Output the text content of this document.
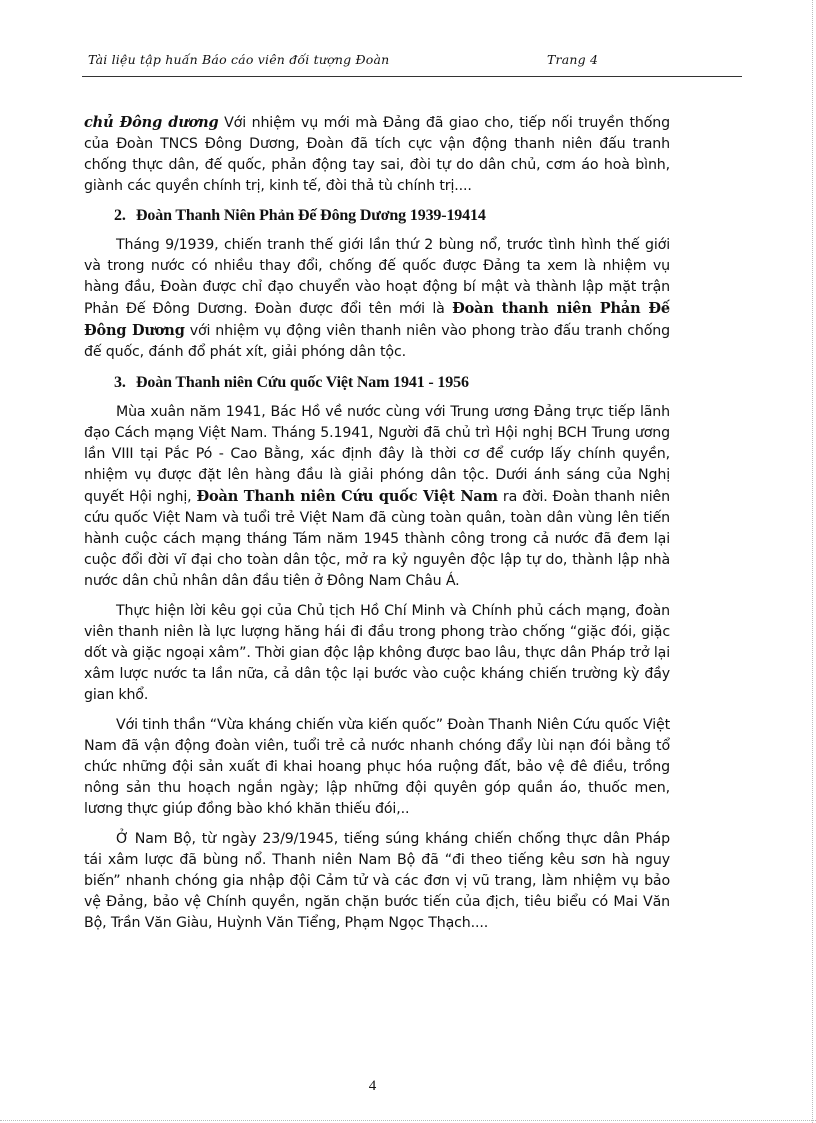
Tài liệu tập huấn Báo cáo viên đối tượng Đoàn	Trang 4

chủ Đông dương Với nhiệm vụ mới mà Đảng đã giao cho, tiếp nối truyền thống của Đoàn TNCS Đông Dương, Đoàn đã tích cực vận động thanh niên đấu tranh chống thực dân, đế quốc, phản động tay sai, đòi tự do dân chủ, cơm áo hoà bình, giành các quyền chính trị, kinh tế, đòi thả tù chính trị....

2. Đoàn Thanh Niên Phản Đế Đông Dương 1939-19414

Tháng 9/1939, chiến tranh thế giới lần thứ 2 bùng nổ, trước tình hình thế giới và trong nước có nhiều thay đổi, chống đế quốc được Đảng ta xem là nhiệm vụ hàng đầu, Đoàn được chỉ đạo chuyển vào hoạt động bí mật và thành lập mặt trận Phản Đế Đông Dương. Đoàn được đổi tên mới là Đoàn thanh niên Phản Đế Đông Dương với nhiệm vụ động viên thanh niên vào phong trào đấu tranh chống đế quốc, đánh đổ phát xít, giải phóng dân tộc.

3. Đoàn Thanh niên Cứu quốc Việt Nam 1941 - 1956

Mùa xuân năm 1941, Bác Hồ về nước cùng với Trung ương Đảng trực tiếp lãnh đạo Cách mạng Việt Nam. Tháng 5.1941, Người đã chủ trì Hội nghị BCH Trung ương lần VIII tại Pắc Pó - Cao Bằng, xác định đây là thời cơ để cướp lấy chính quyền, nhiệm vụ được đặt lên hàng đầu là giải phóng dân tộc. Dưới ánh sáng của Nghị quyết Hội nghị, Đoàn Thanh niên Cứu quốc Việt Nam ra đời. Đoàn thanh niên cứu quốc Việt Nam và tuổi trẻ Việt Nam đã cùng toàn quân, toàn dân vùng lên tiến hành cuộc cách mạng tháng Tám năm 1945 thành công trong cả nước đã đem lại cuộc đổi đời vĩ đại cho toàn dân tộc, mở ra kỷ nguyên độc lập tự do, thành lập nhà nước dân chủ nhân dân đầu tiên ở Đông Nam Châu Á.

Thực hiện lời kêu gọi của Chủ tịch Hồ Chí Minh và Chính phủ cách mạng, đoàn viên thanh niên là lực lượng hăng hái đi đầu trong phong trào chống “giặc đói, giặc dốt và giặc ngoại xâm”. Thời gian độc lập không được bao lâu, thực dân Pháp trở lại xâm lược nước ta lần nữa, cả dân tộc lại bước vào cuộc kháng chiến trường kỳ đầy gian khổ.

Với tinh thần “Vừa kháng chiến vừa kiến quốc” Đoàn Thanh Niên Cứu quốc Việt Nam đã vận động đoàn viên, tuổi trẻ cả nước nhanh chóng đẩy lùi nạn đói bằng tổ chức những đội sản xuất đi khai hoang phục hóa ruộng đất, bảo vệ đê điều, trồng nông sản thu hoạch ngắn ngày; lập những đội quyên góp quần áo, thuốc men, lương thực giúp đồng bào khó khăn thiếu đói,..

Ở Nam Bộ, từ ngày 23/9/1945, tiếng súng kháng chiến chống thực dân Pháp tái xâm lược đã bùng nổ. Thanh niên Nam Bộ đã “đi theo tiếng kêu sơn hà nguy biến” nhanh chóng gia nhập đội Cảm tử và các đơn vị vũ trang, làm nhiệm vụ bảo vệ Đảng, bảo vệ Chính quyền, ngăn chặn bước tiến của địch, tiêu biểu có Mai Văn Bộ, Trần Văn Giàu, Huỳnh Văn Tiểng, Phạm Ngọc Thạch....

4
